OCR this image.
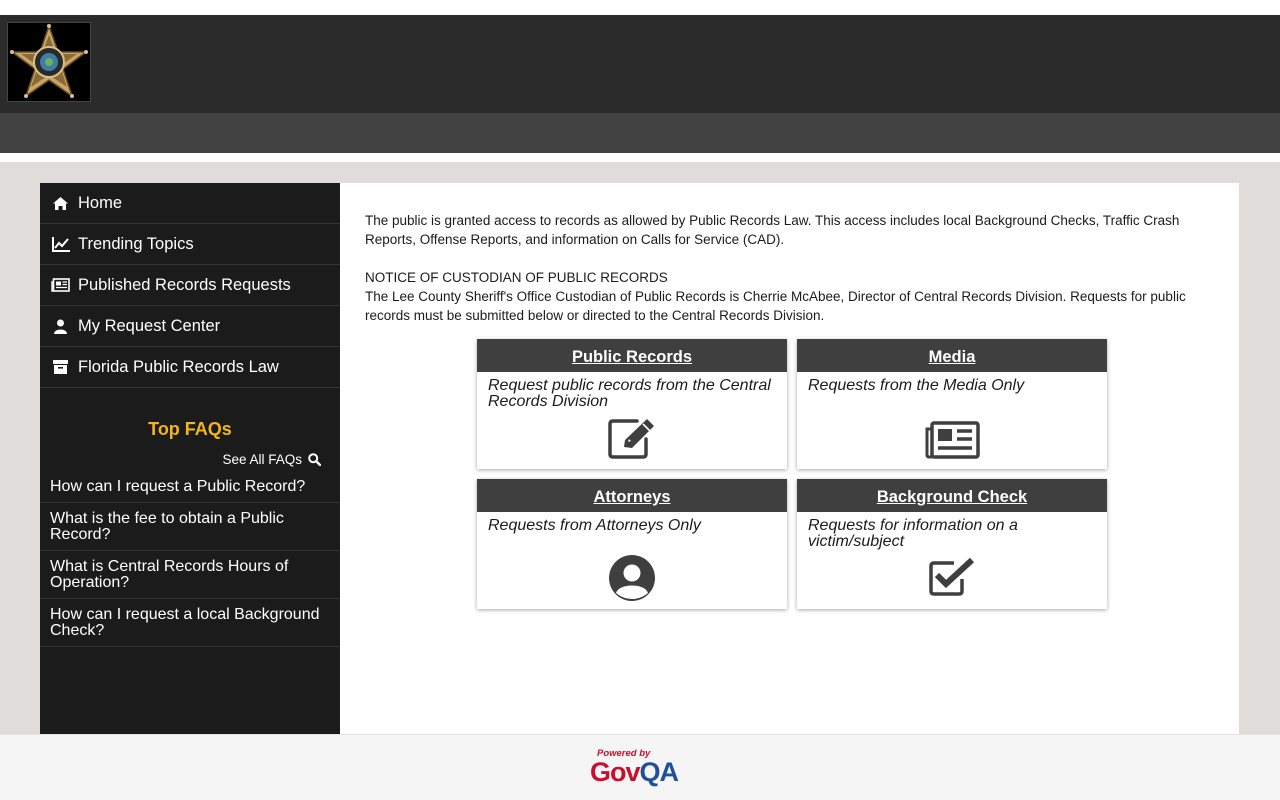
Home
Trending Topics
Published Records Requests
My Request Center
Florida Public Records Law
Top FAQs
See All FAQs
How can I request a Public Record?
What is the fee to obtain a Public Record?
What is Central Records Hours of Operation?
How can I request a local Background Check?

The public is granted access to records as allowed by Public Records Law. This access includes local Background Checks, Traffic Crash Reports, Offense Reports, and information on Calls for Service (CAD).

NOTICE OF CUSTODIAN OF PUBLIC RECORDS
The Lee County Sheriff's Office Custodian of Public Records is Cherrie McAbee, Director of Central Records Division. Requests for public records must be submitted below or directed to the Central Records Division.
Public Records
Request public records from the Central Records Division
Media
Requests from the Media Only
Attorneys
Requests from Attorneys Only
Background Check
Requests for information on a victim/subject
Powered by
GovQA
